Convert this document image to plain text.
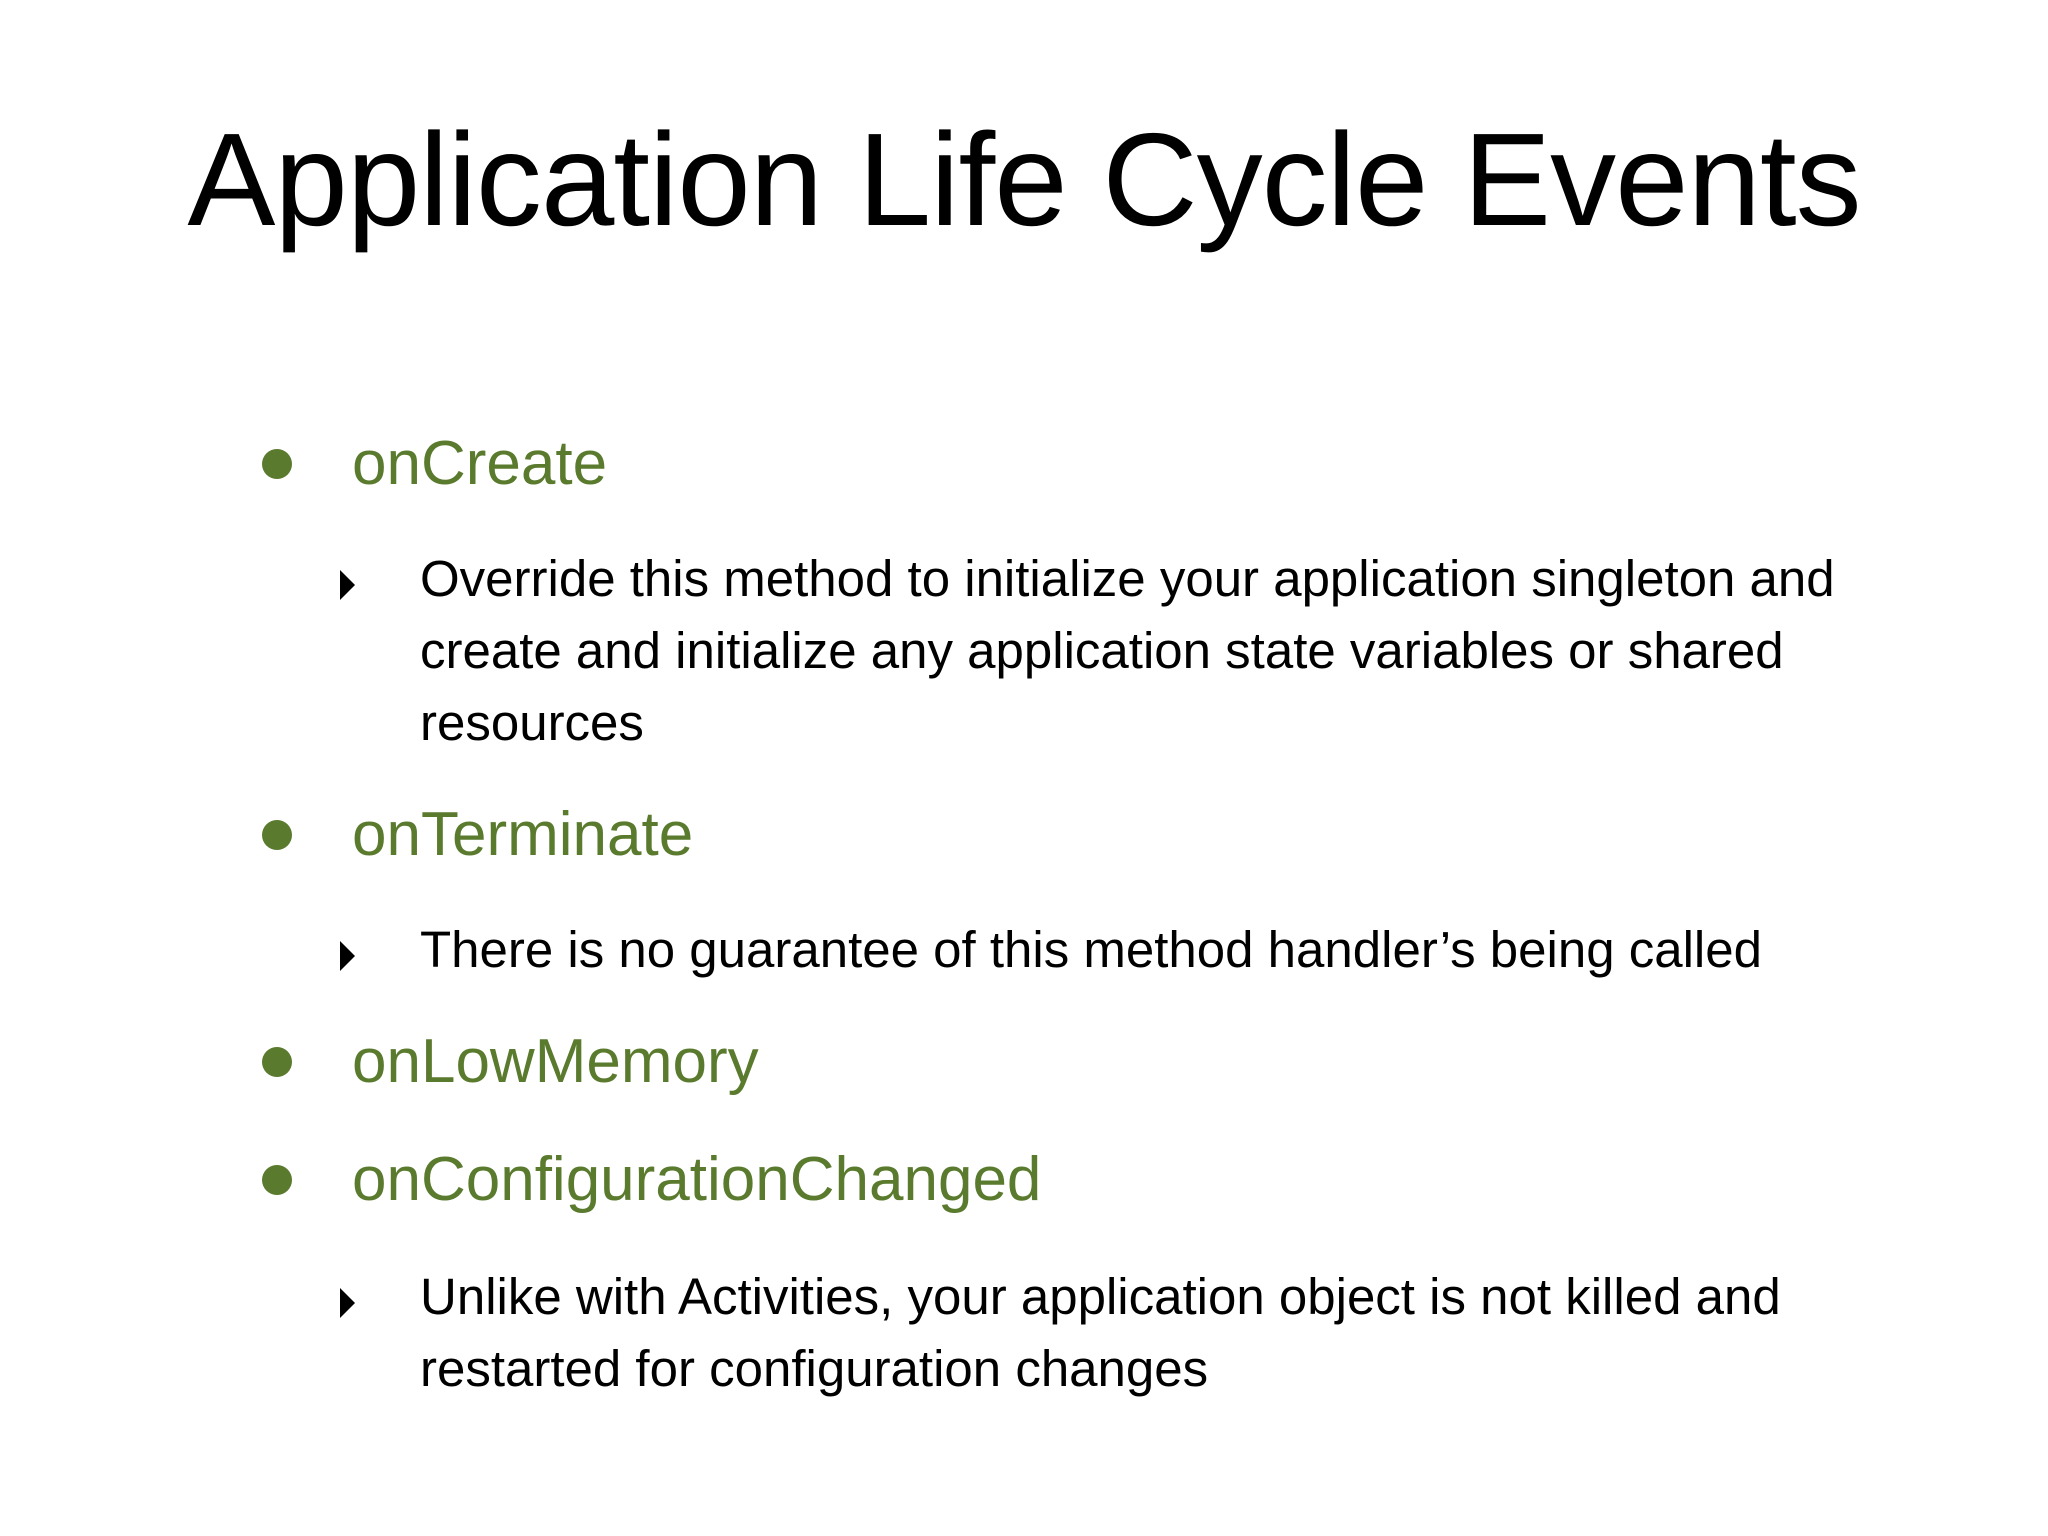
Application Life Cycle Events
onCreate
Override this method to initialize your application singleton and create and initialize any application state variables or shared resources
onTerminate
There is no guarantee of this method handler’s being called
onLowMemory
onConfigurationChanged
Unlike with Activities, your application object is not killed and restarted for configuration changes
